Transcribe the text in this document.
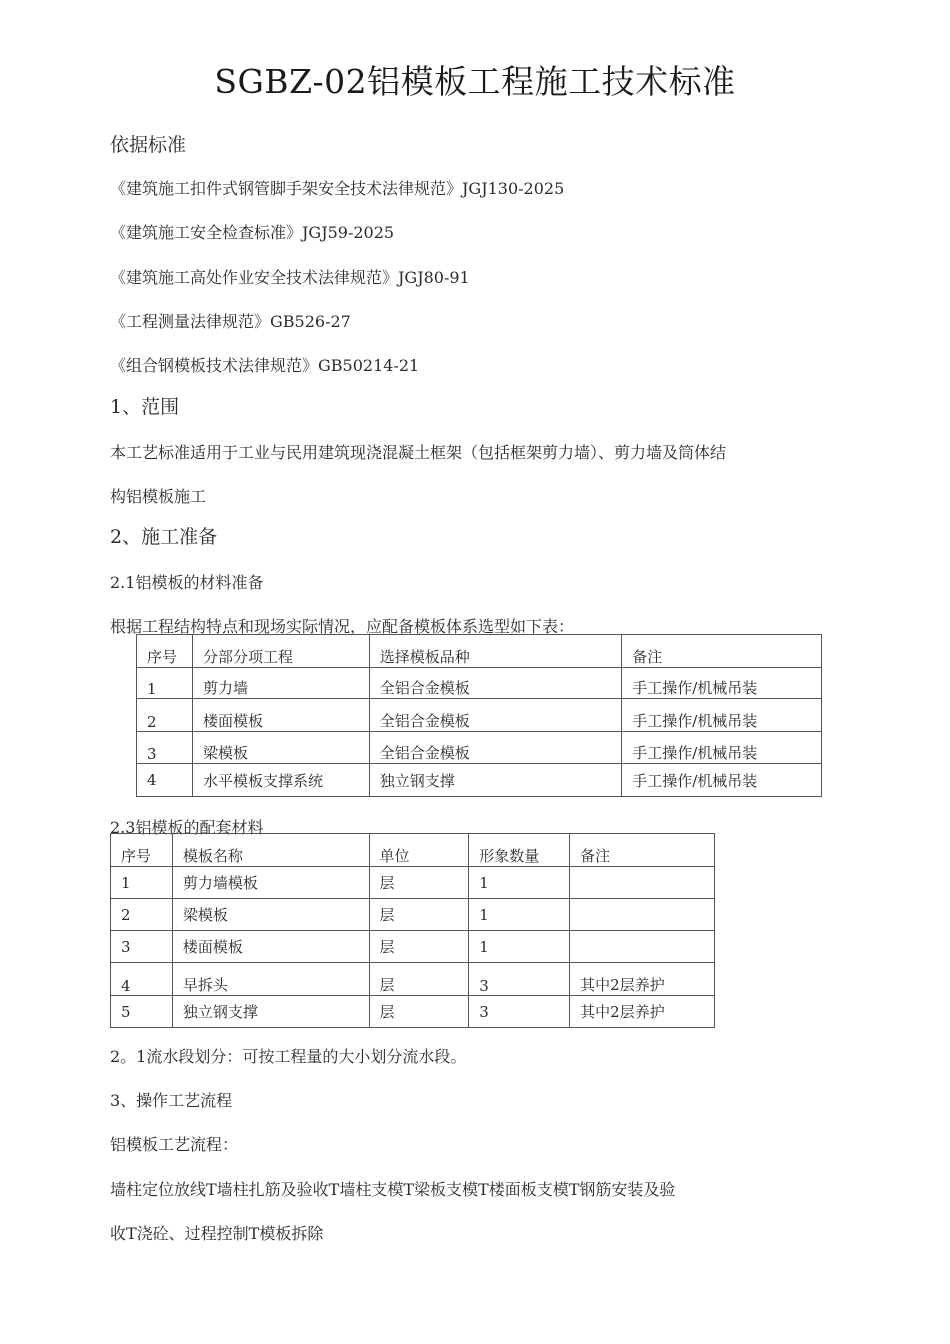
SGBZ-02铝模板工程施工技术标准
依据标准
《建筑施工扣件式钢管脚手架安全技术法律规范》JGJ130-2025
《建筑施工安全检查标准》JGJ59-2025
《建筑施工高处作业安全技术法律规范》JGJ80-91
《工程测量法律规范》GB526-27
《组合钢模板技术法律规范》GB50214-21
1、范围
本工艺标准适用于工业与民用建筑现浇混凝土框架（包括框架剪力墙）、剪力墙及筒体结
构铝模板施工
2、施工准备
2.1铝模板的材料准备
根据工程结构特点和现场实际情况，应配备模板体系选型如下表：
序号	分部分项工程	选择模板品种	备注
1	剪力墙	全铝合金模板	手工操作/机械吊装
2	楼面模板	全铝合金模板	手工操作/机械吊装
3	梁模板	全铝合金模板	手工操作/机械吊装
4	水平模板支撑系统	独立钢支撑	手工操作/机械吊装
2.3铝模板的配套材料
序号	模板名称	单位	形象数量	备注
1	剪力墙模板	层	1	
2	梁模板	层	1	
3	楼面模板	层	1	
4	早拆头	层	3	其中2层养护
5	独立钢支撑	层	3	其中2层养护
2。1流水段划分：可按工程量的大小划分流水段。
3、操作工艺流程
铝模板工艺流程：
墙柱定位放线T墙柱扎筋及验收T墙柱支模T梁板支模T楼面板支模T钢筋安装及验
收T浇砼、过程控制T模板拆除
